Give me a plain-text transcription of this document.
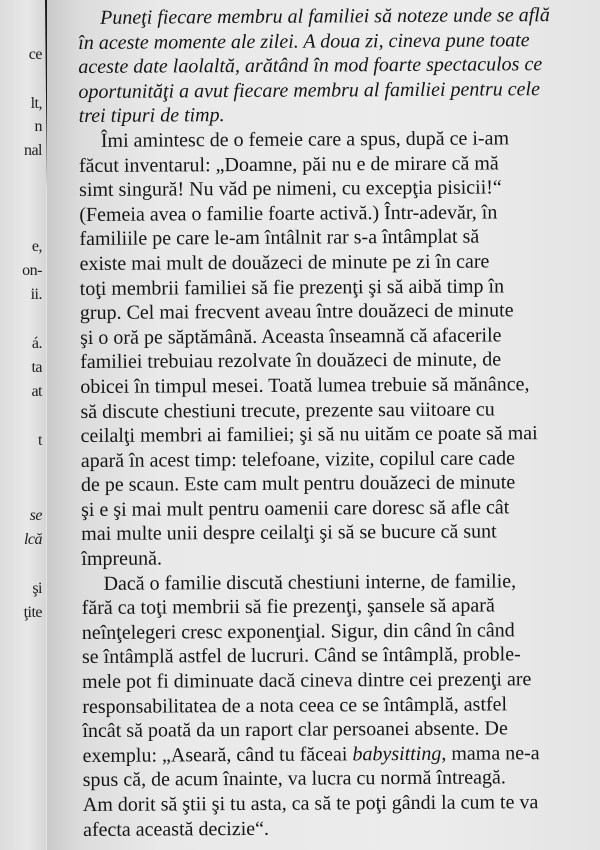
ce
lt,
n
nal
e,
on-
ii.
á.
ta
at
t
se
lcă
şi
ţite
Puneţi fiecare membru al familiei să noteze unde se află
în aceste momente ale zilei. A doua zi, cineva pune toate
aceste date laolaltă, arătând în mod foarte spectaculos ce
oportunităţi a avut fiecare membru al familiei pentru cele
trei tipuri de timp.
Îmi amintesc de o femeie care a spus, după ce i-am
făcut inventarul: „Doamne, păi nu e de mirare că mă
simt singură! Nu văd pe nimeni, cu excepţia pisicii!“
(Femeia avea o familie foarte activă.) Într-adevăr, în
familiile pe care le-am întâlnit rar s-a întâmplat să
existe mai mult de douăzeci de minute pe zi în care
toţi membrii familiei să fie prezenţi şi să aibă timp în
grup. Cel mai frecvent aveau între douăzeci de minute
şi o oră pe săptămână. Aceasta înseamnă că afacerile
familiei trebuiau rezolvate în douăzeci de minute, de
obicei în timpul mesei. Toată lumea trebuie să mănânce,
să discute chestiuni trecute, prezente sau viitoare cu
ceilalţi membri ai familiei; şi să nu uităm ce poate să mai
apară în acest timp: telefoane, vizite, copilul care cade
de pe scaun. Este cam mult pentru douăzeci de minute
şi e şi mai mult pentru oamenii care doresc să afle cât
mai multe unii despre ceilalţi şi să se bucure că sunt
împreună.
Dacă o familie discută chestiuni interne, de familie,
fără ca toţi membrii să fie prezenţi, şansele să apară
neînţelegeri cresc exponenţial. Sigur, din când în când
se întâmplă astfel de lucruri. Când se întâmplă, proble-
mele pot fi diminuate dacă cineva dintre cei prezenţi are
responsabilitatea de a nota ceea ce se întâmplă, astfel
încât să poată da un raport clar persoanei absente. De
exemplu: „Aseară, când tu făceai babysitting, mama ne-a
spus că, de acum înainte, va lucra cu normă întreagă.
Am dorit să ştii şi tu asta, ca să te poţi gândi la cum te va
afecta această decizie“.
